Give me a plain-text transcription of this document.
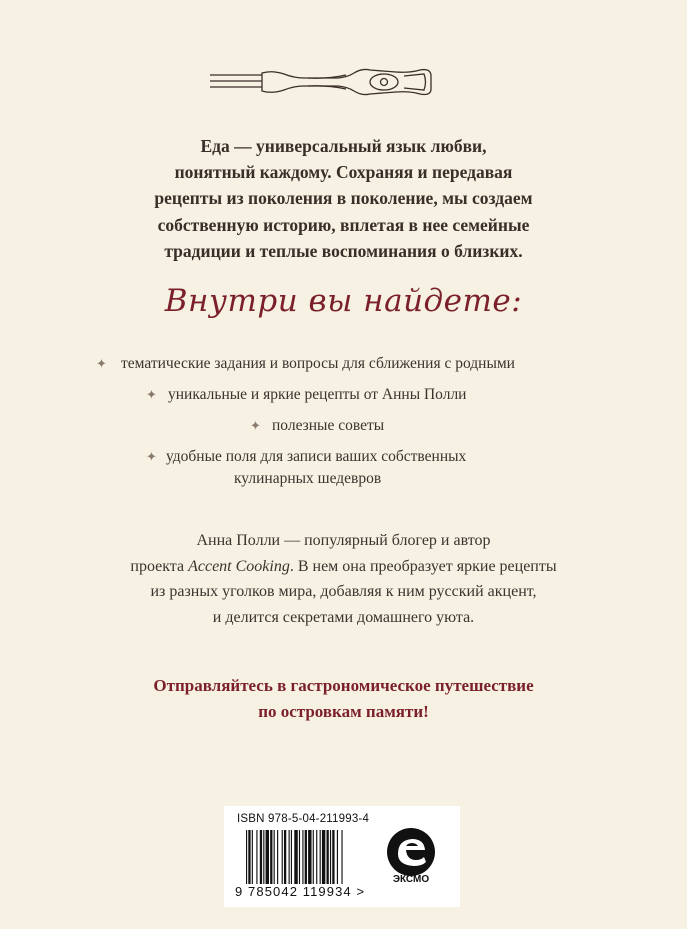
Еда — универсальный язык любви,
понятный каждому. Сохраняя и передавая
рецепты из поколения в поколение, мы создаем
собственную историю, вплетая в нее семейные
традиции и теплые воспоминания о близких.
Внутри вы найдете:
✦ тематические задания и вопросы для сближения с родными
✦ уникальные и яркие рецепты от Анны Полли
✦ полезные советы
✦ удобные поля для записи ваших собственных
кулинарных шедевров
Анна Полли — популярный блогер и автор
проекта Accent Cooking. В нем она преобразует яркие рецепты
из разных уголков мира, добавляя к ним русский акцент,
и делится секретами домашнего уюта.
Отправляйтесь в гастрономическое путешествие
по островкам памяти!
ISBN 978-5-04-211993-4
9 785042 119934 >
ЭКСМО
